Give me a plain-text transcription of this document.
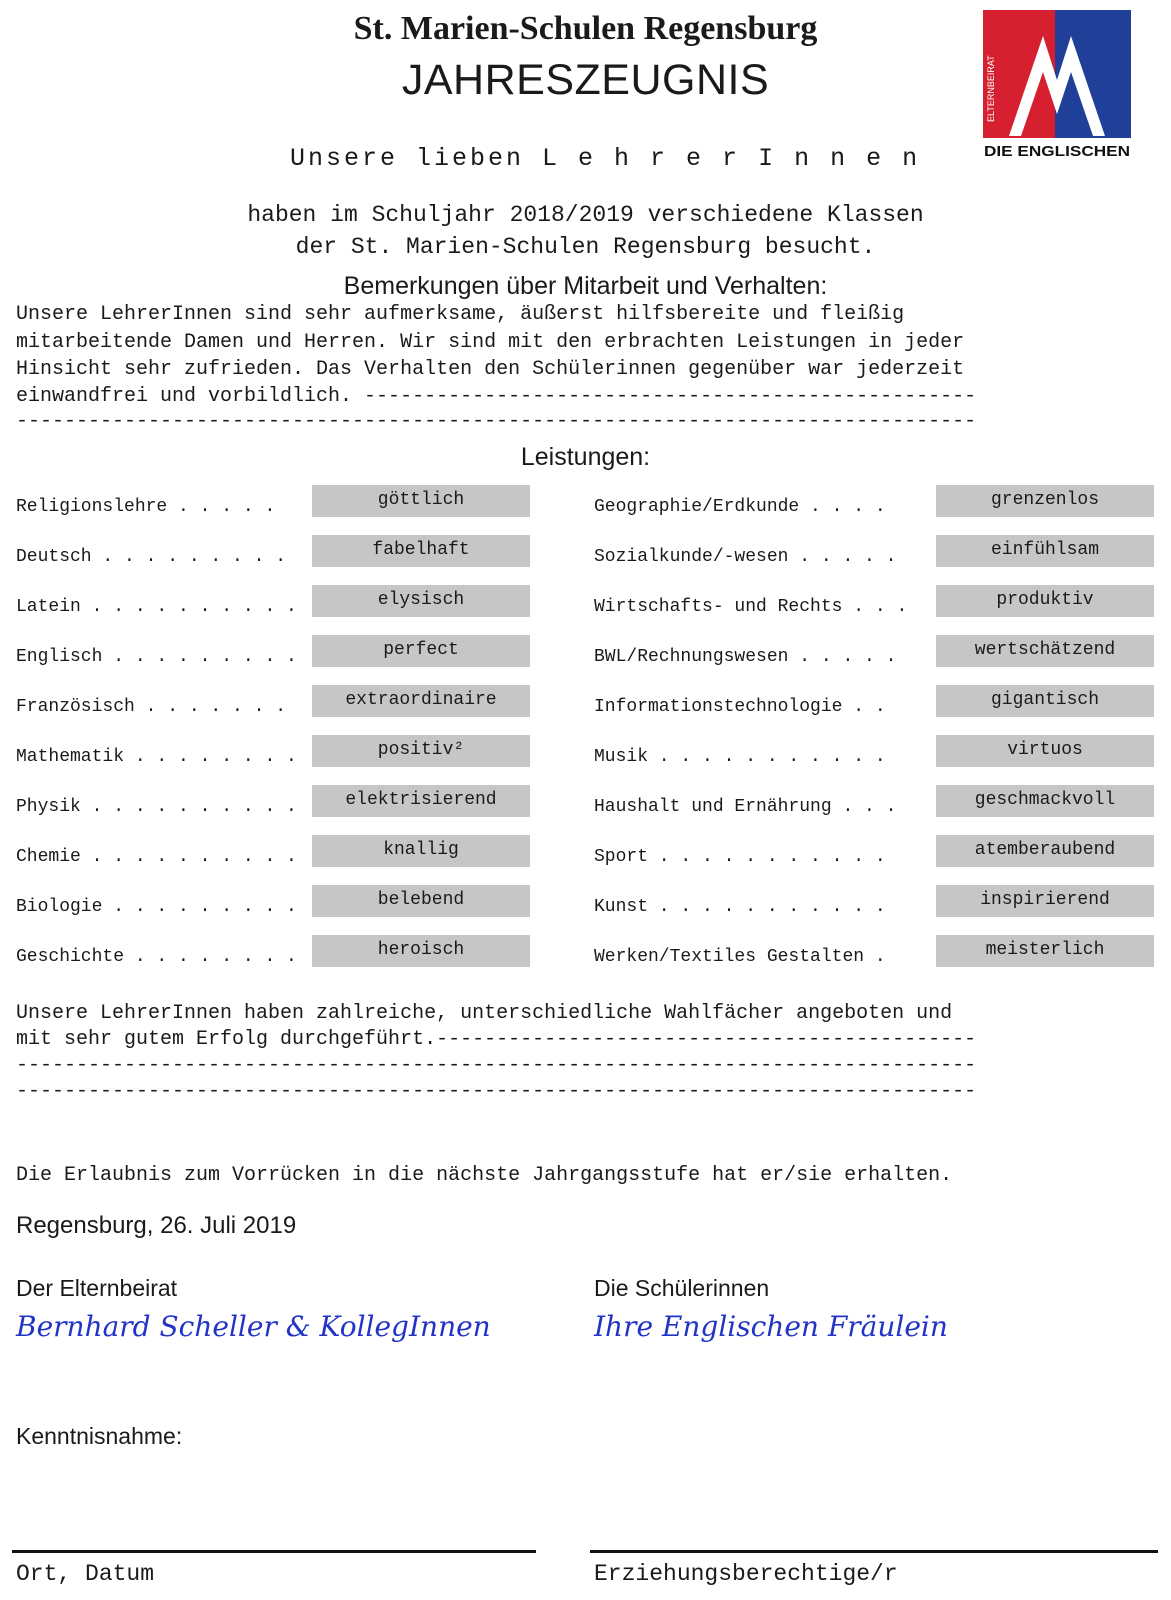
St. Marien-Schulen Regensburg
JAHRESZEUGNIS	ELTERNBEIRAT
DIE ENGLISCHEN
Unsere lieben L e h r e r I n n e n
haben im Schuljahr 2018/2019 verschiedene Klassen
der St. Marien-Schulen Regensburg besucht.
Bemerkungen über Mitarbeit und Verhalten:
Unsere LehrerInnen sind sehr aufmerksame, äußerst hilfsbereite und fleißig
mitarbeitende Damen und Herren. Wir sind mit den erbrachten Leistungen in jeder
Hinsicht sehr zufrieden. Das Verhalten den Schülerinnen gegenüber war jederzeit
einwandfrei und vorbildlich. ---------------------------------------------------
--------------------------------------------------------------------------------
Leistungen:
Religionslehre . . . . .	göttlich
Deutsch . . . . . . . . .	fabelhaft
Latein . . . . . . . . . .	elysisch
Englisch . . . . . . . . .	perfect
Französisch . . . . . . .	extraordinaire
Mathematik . . . . . . . .	positiv²
Physik . . . . . . . . . .	elektrisierend
Chemie . . . . . . . . . .	knallig
Biologie . . . . . . . . .	belebend
Geschichte . . . . . . . .	heroisch
Geographie/Erdkunde . . . .	grenzenlos
Sozialkunde/-wesen . . . . .	einfühlsam
Wirtschafts- und Rechts . . .	produktiv
BWL/Rechnungswesen . . . . .	wertschätzend
Informationstechnologie . .	gigantisch
Musik . . . . . . . . . . .	virtuos
Haushalt und Ernährung . . .	geschmackvoll
Sport . . . . . . . . . . .	atemberaubend
Kunst . . . . . . . . . . .	inspirierend
Werken/Textiles Gestalten .	meisterlich
Unsere LehrerInnen haben zahlreiche, unterschiedliche Wahlfächer angeboten und
mit sehr gutem Erfolg durchgeführt.---------------------------------------------
--------------------------------------------------------------------------------
--------------------------------------------------------------------------------
Die Erlaubnis zum Vorrücken in die nächste Jahrgangsstufe hat er/sie erhalten.
Regensburg, 26. Juli 2019
Der Elternbeirat
Bernhard Scheller & KollegInnen
Die Schülerinnen
Ihre Englischen Fräulein
Kenntnisnahme:
Ort, Datum	Erziehungsberechtige/r
